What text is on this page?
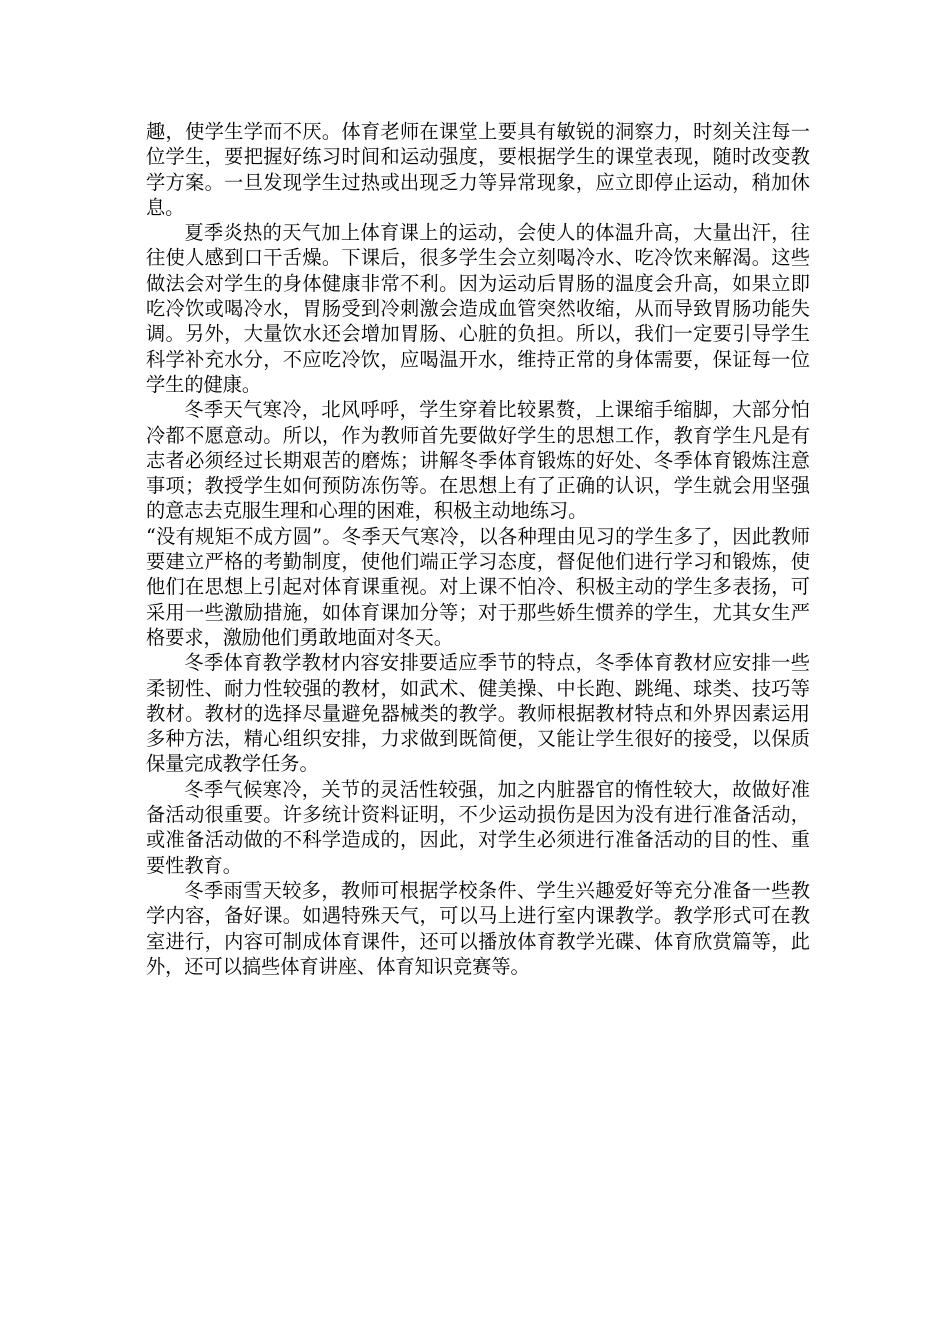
趣，使学生学而不厌。体育老师在课堂上要具有敏锐的洞察力，时刻关注每一位学生，要把握好练习时间和运动强度，要根据学生的课堂表现，随时改变教学方案。一旦发现学生过热或出现乏力等异常现象，应立即停止运动，稍加休息。

夏季炎热的天气加上体育课上的运动，会使人的体温升高，大量出汗，往往使人感到口干舌燥。下课后，很多学生会立刻喝冷水、吃冷饮来解渴。这些做法会对学生的身体健康非常不利。因为运动后胃肠的温度会升高，如果立即吃冷饮或喝冷水，胃肠受到冷刺激会造成血管突然收缩，从而导致胃肠功能失调。另外，大量饮水还会增加胃肠、心脏的负担。所以，我们一定要引导学生科学补充水分，不应吃冷饮，应喝温开水，维持正常的身体需要，保证每一位学生的健康。

冬季天气寒冷，北风呼呼，学生穿着比较累赘，上课缩手缩脚，大部分怕冷都不愿意动。所以，作为教师首先要做好学生的思想工作，教育学生凡是有志者必须经过长期艰苦的磨炼；讲解冬季体育锻炼的好处、冬季体育锻炼注意事项；教授学生如何预防冻伤等。在思想上有了正确的认识，学生就会用坚强的意志去克服生理和心理的困难，积极主动地练习。

“没有规矩不成方圆”。冬季天气寒冷，以各种理由见习的学生多了，因此教师要建立严格的考勤制度，使他们端正学习态度，督促他们进行学习和锻炼，使他们在思想上引起对体育课重视。对上课不怕冷、积极主动的学生多表扬，可采用一些激励措施，如体育课加分等；对于那些娇生惯养的学生，尤其女生严格要求，激励他们勇敢地面对冬天。

冬季体育教学教材内容安排要适应季节的特点，冬季体育教材应安排一些柔韧性、耐力性较强的教材，如武术、健美操、中长跑、跳绳、球类、技巧等教材。教材的选择尽量避免器械类的教学。教师根据教材特点和外界因素运用多种方法，精心组织安排，力求做到既简便，又能让学生很好的接受，以保质保量完成教学任务。

冬季气候寒冷，关节的灵活性较强，加之内脏器官的惰性较大，故做好准备活动很重要。许多统计资料证明，不少运动损伤是因为没有进行准备活动，或准备活动做的不科学造成的，因此，对学生必须进行准备活动的目的性、重要性教育。

冬季雨雪天较多，教师可根据学校条件、学生兴趣爱好等充分准备一些教学内容，备好课。如遇特殊天气，可以马上进行室内课教学。教学形式可在教室进行，内容可制成体育课件，还可以播放体育教学光碟、体育欣赏篇等，此外，还可以搞些体育讲座、体育知识竞赛等。
